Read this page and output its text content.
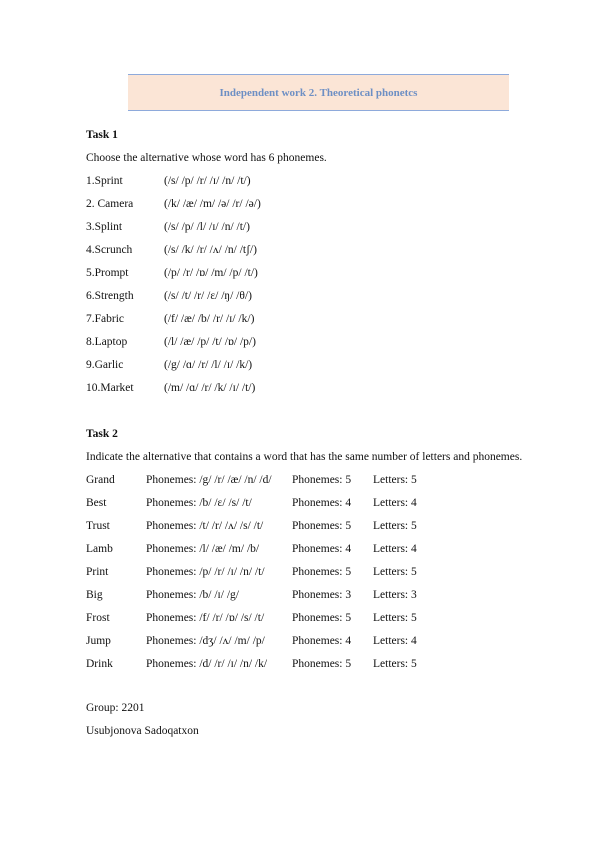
Independent work 2. Theoretical phonetcs
Task 1
Choose the alternative whose word has 6 phonemes.
1.Sprint	(/s/ /p/ /r/ /ɪ/ /n/ /t/)
2. Camera	(/k/ /æ/ /m/ /ə/ /r/ /ə/)
3.Splint	(/s/ /p/ /l/ /ɪ/ /n/ /t/)
4.Scrunch	(/s/ /k/ /r/ /ʌ/ /n/ /tʃ/)
5.Prompt	(/p/ /r/ /ɒ/ /m/ /p/ /t/)
6.Strength	(/s/ /t/ /r/ /ɛ/ /ŋ/ /θ/)
7.Fabric	(/f/ /æ/ /b/ /r/ /ɪ/ /k/)
8.Laptop	(/l/ /æ/ /p/ /t/ /ɒ/ /p/)
9.Garlic	(/g/ /ɑ/ /r/ /l/ /ɪ/ /k/)
10.Market	(/m/ /ɑ/ /r/ /k/ /ɪ/ /t/)
Task 2
Indicate the alternative that contains a word that has the same number of letters and phonemes.
Grand	Phonemes: /g/ /r/ /æ/ /n/ /d/ Phonemes: 5 Letters: 5
Best	Phonemes: /b/ /ɛ/ /s/ /t/	Phonemes: 4 Letters: 4
Trust	Phonemes: /t/ /r/ /ʌ/ /s/ /t/	Phonemes: 5 Letters: 5
Lamb	Phonemes: /l/ /æ/ /m/ /b/	Phonemes: 4 Letters: 4
Print	Phonemes: /p/ /r/ /ɪ/ /n/ /t/ Phonemes: 5 Letters: 5
Big	Phonemes: /b/ /ɪ/ /g/	Phonemes: 3 Letters: 3
Frost	Phonemes: /f/ /r/ /ɒ/ /s/ /t/ Phonemes: 5 Letters: 5
Jump	Phonemes: /dʒ/ /ʌ/ /m/ /p/ Phonemes: 4 Letters: 4
Drink	Phonemes: /d/ /r/ /ɪ/ /n/ /k/ Phonemes: 5 Letters: 5
Group: 2201
Usubjonova Sadoqatxon
